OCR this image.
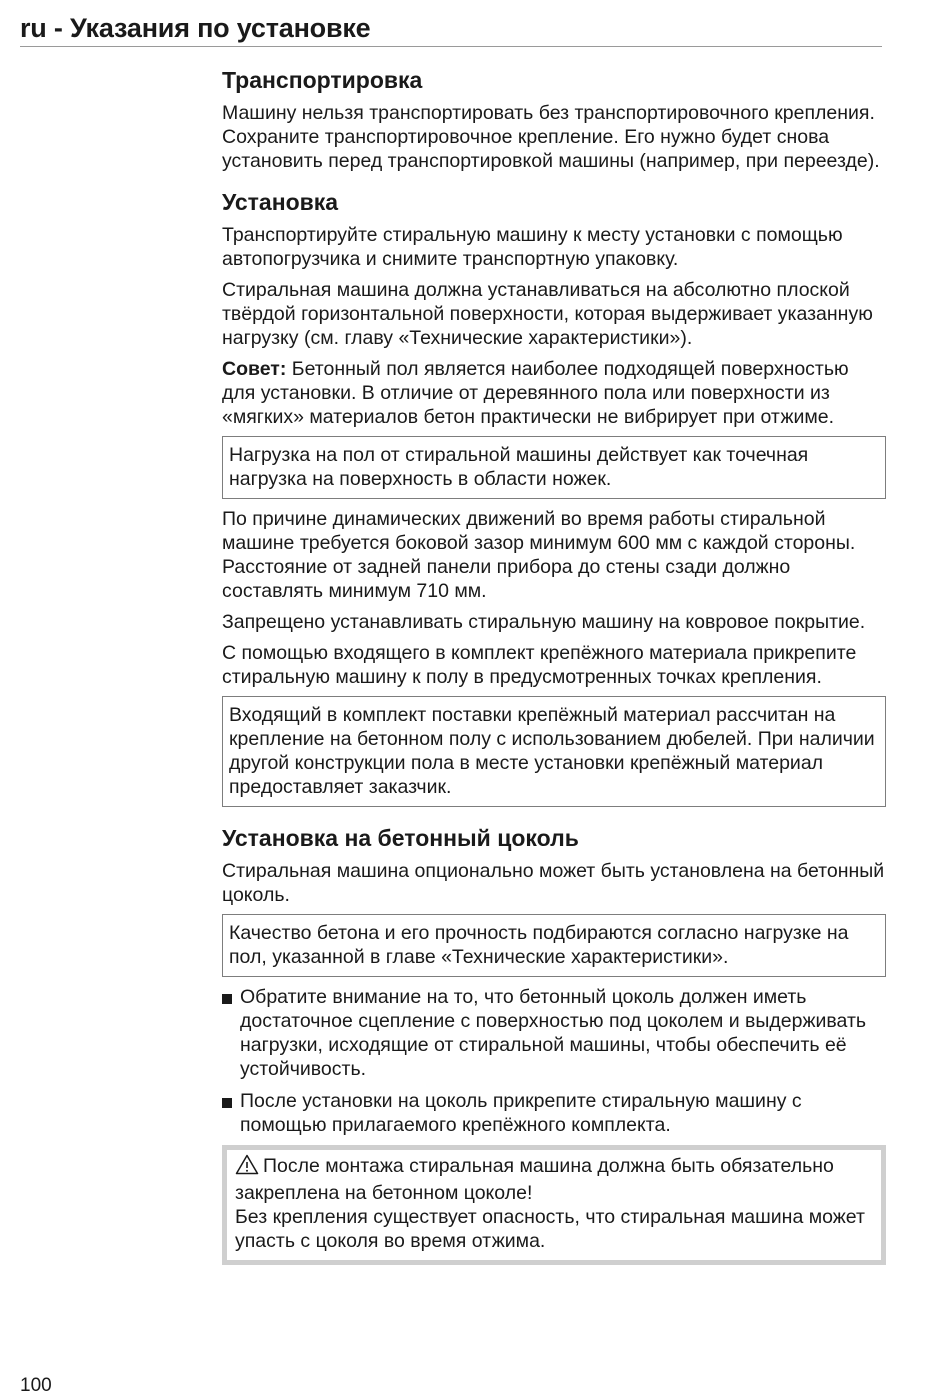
ru - Указания по установке
Транспортировка
Машину нельзя транспортировать без транспортировочного крепления. Сохраните транспортировочное крепление. Его нужно будет снова установить перед транспортировкой машины (например, при переезде).
Установка
Транспортируйте стиральную машину к месту установки с помощью автопогрузчика и снимите транспортную упаковку.
Стиральная машина должна устанавливаться на абсолютно плоской твёрдой горизонтальной поверхности, которая выдерживает указанную нагрузку (см. главу «Технические характеристики»).
Совет: Бетонный пол является наиболее подходящей поверхностью для установки. В отличие от деревянного пола или поверхности из «мягких» материалов бетон практически не вибрирует при отжиме.
Нагрузка на пол от стиральной машины действует как точечная нагрузка на поверхность в области ножек.
По причине динамических движений во время работы стиральной машине требуется боковой зазор минимум 600 мм с каждой стороны. Расстояние от задней панели прибора до стены сзади должно составлять минимум 710 мм.
Запрещено устанавливать стиральную машину на ковровое покрытие.
С помощью входящего в комплект крепёжного материала прикрепите стиральную машину к полу в предусмотренных точках крепления.
Входящий в комплект поставки крепёжный материал рассчитан на крепление на бетонном полу с использованием дюбелей. При наличии другой конструкции пола в месте установки крепёжный материал предоставляет заказчик.
Установка на бетонный цоколь
Стиральная машина опционально может быть установлена на бетонный цоколь.
Качество бетона и его прочность подбираются согласно нагрузке на пол, указанной в главе «Технические характеристики».
Обратите внимание на то, что бетонный цоколь должен иметь достаточное сцепление с поверхностью под цоколем и выдерживать нагрузки, исходящие от стиральной машины, чтобы обеспечить её устойчивость.
После установки на цоколь прикрепите стиральную машину с помощью прилагаемого крепёжного комплекта.
После монтажа стиральная машина должна быть обязательно закреплена на бетонном цоколе!
Без крепления существует опасность, что стиральная машина может упасть с цоколя во время отжима.
100
